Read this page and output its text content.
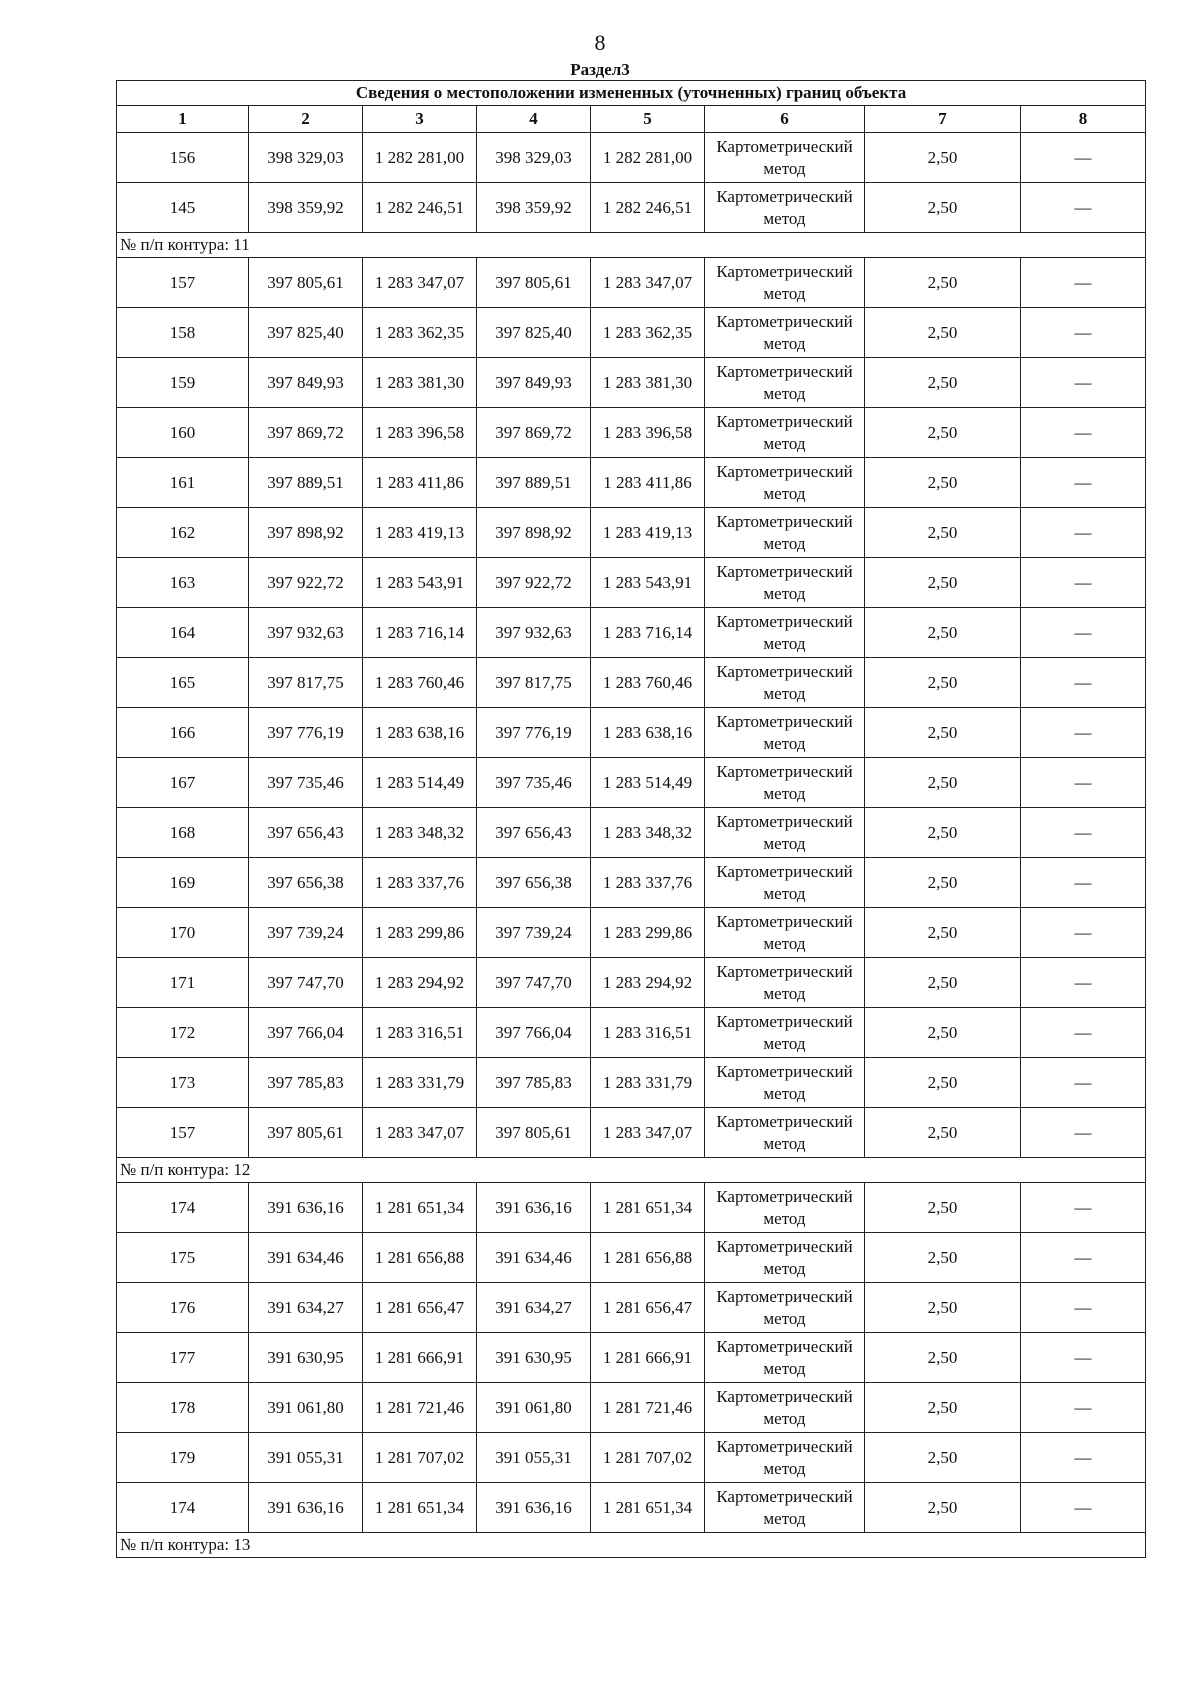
8
Раздел3
Сведения о местоположении измененных (уточненных) границ объекта							
1	2	3	4	5	6	7	8
156	398 329,03	1 282 281,00	398 329,03	1 282 281,00	Картометрический метод	2,50	—
145	398 359,92	1 282 246,51	398 359,92	1 282 246,51	Картометрический метод	2,50	—
№ п/п контура: 11							
157	397 805,61	1 283 347,07	397 805,61	1 283 347,07	Картометрический метод	2,50	—
158	397 825,40	1 283 362,35	397 825,40	1 283 362,35	Картометрический метод	2,50	—
159	397 849,93	1 283 381,30	397 849,93	1 283 381,30	Картометрический метод	2,50	—
160	397 869,72	1 283 396,58	397 869,72	1 283 396,58	Картометрический метод	2,50	—
161	397 889,51	1 283 411,86	397 889,51	1 283 411,86	Картометрический метод	2,50	—
162	397 898,92	1 283 419,13	397 898,92	1 283 419,13	Картометрический метод	2,50	—
163	397 922,72	1 283 543,91	397 922,72	1 283 543,91	Картометрический метод	2,50	—
164	397 932,63	1 283 716,14	397 932,63	1 283 716,14	Картометрический метод	2,50	—
165	397 817,75	1 283 760,46	397 817,75	1 283 760,46	Картометрический метод	2,50	—
166	397 776,19	1 283 638,16	397 776,19	1 283 638,16	Картометрический метод	2,50	—
167	397 735,46	1 283 514,49	397 735,46	1 283 514,49	Картометрический метод	2,50	—
168	397 656,43	1 283 348,32	397 656,43	1 283 348,32	Картометрический метод	2,50	—
169	397 656,38	1 283 337,76	397 656,38	1 283 337,76	Картометрический метод	2,50	—
170	397 739,24	1 283 299,86	397 739,24	1 283 299,86	Картометрический метод	2,50	—
171	397 747,70	1 283 294,92	397 747,70	1 283 294,92	Картометрический метод	2,50	—
172	397 766,04	1 283 316,51	397 766,04	1 283 316,51	Картометрический метод	2,50	—
173	397 785,83	1 283 331,79	397 785,83	1 283 331,79	Картометрический метод	2,50	—
157	397 805,61	1 283 347,07	397 805,61	1 283 347,07	Картометрический метод	2,50	—
№ п/п контура: 12							
174	391 636,16	1 281 651,34	391 636,16	1 281 651,34	Картометрический метод	2,50	—
175	391 634,46	1 281 656,88	391 634,46	1 281 656,88	Картометрический метод	2,50	—
176	391 634,27	1 281 656,47	391 634,27	1 281 656,47	Картометрический метод	2,50	—
177	391 630,95	1 281 666,91	391 630,95	1 281 666,91	Картометрический метод	2,50	—
178	391 061,80	1 281 721,46	391 061,80	1 281 721,46	Картометрический метод	2,50	—
179	391 055,31	1 281 707,02	391 055,31	1 281 707,02	Картометрический метод	2,50	—
174	391 636,16	1 281 651,34	391 636,16	1 281 651,34	Картометрический метод	2,50	—
№ п/п контура: 13							
